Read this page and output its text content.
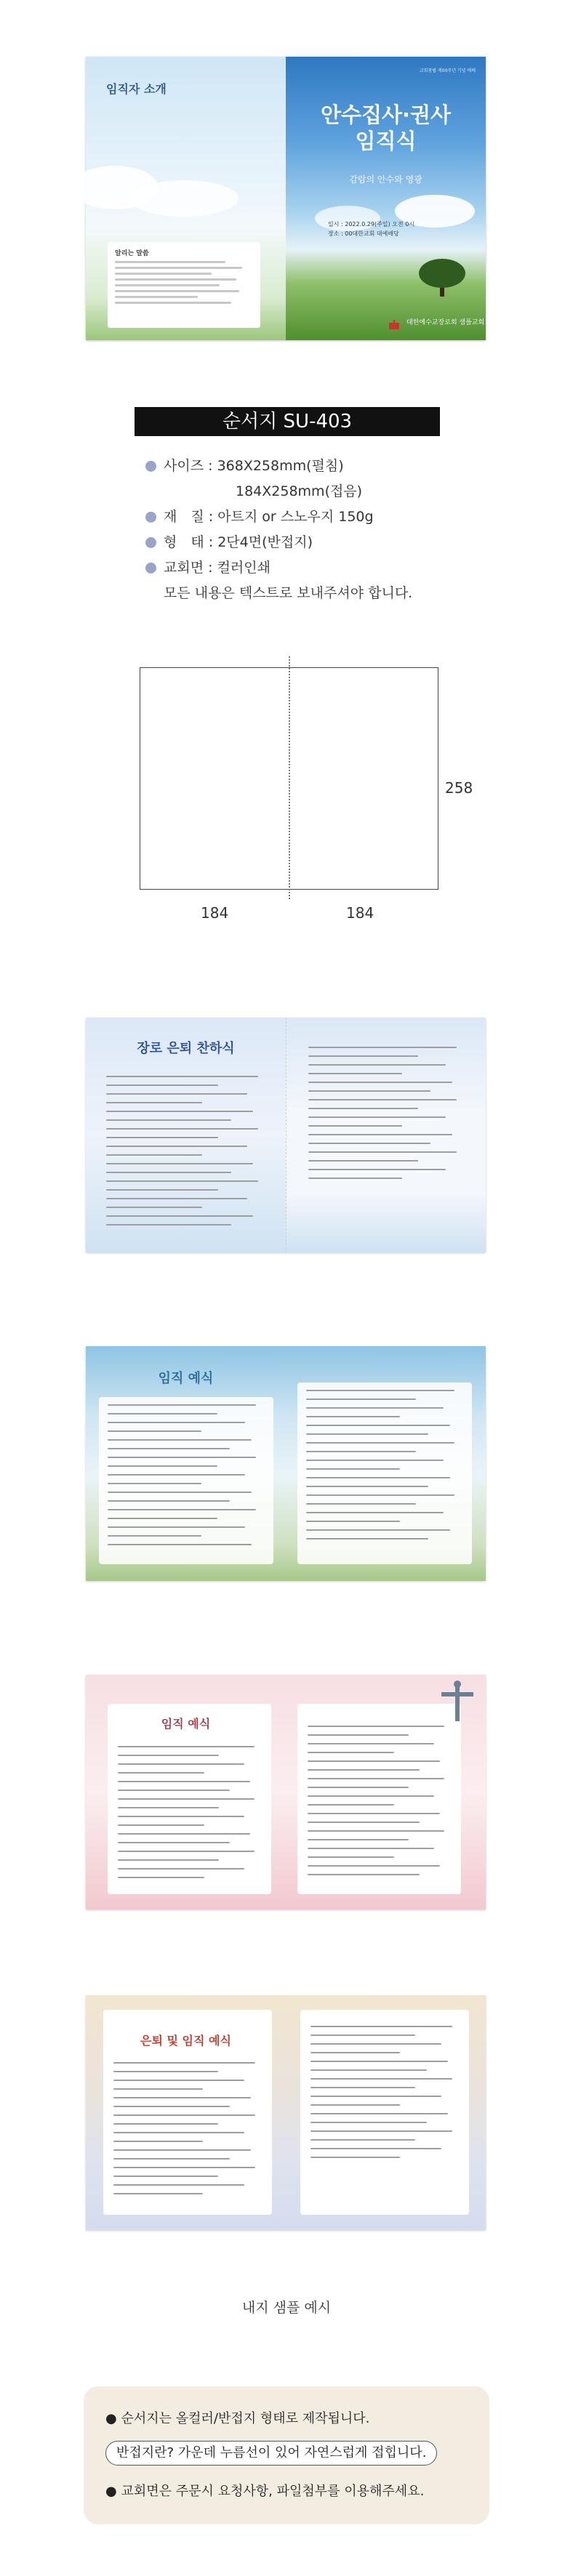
임직자 소개
알리는 말씀
교회창립 제00주년 기념 예배
안수집사·권사
임직식
감람의 안수와 영광
일시 : 2022.0.29(주일) 오전 0시
장소 : 00대한교회 대예배당
대한예수교장로회 샘플교회
순서지 SU-403
사이즈 : 368X258mm(펼침)
184X258mm(접음)
재　질 : 아트지 or 스노우지 150g
형　태 : 2단4면(반접지)
교회면 : 컬러인쇄
모든 내용은 텍스트로 보내주셔야 합니다.
258
184	184
장로 은퇴 찬하식
임직 예식
임직 예식
은퇴 및 임직 예식
내지 샘플 예시
● 순서지는 올컬러/반접지 형태로 제작됩니다.
반접지란? 가운데 누름선이 있어 자연스럽게 접힙니다.
● 교회면은 주문시 요청사항, 파일첨부를 이용해주세요.
